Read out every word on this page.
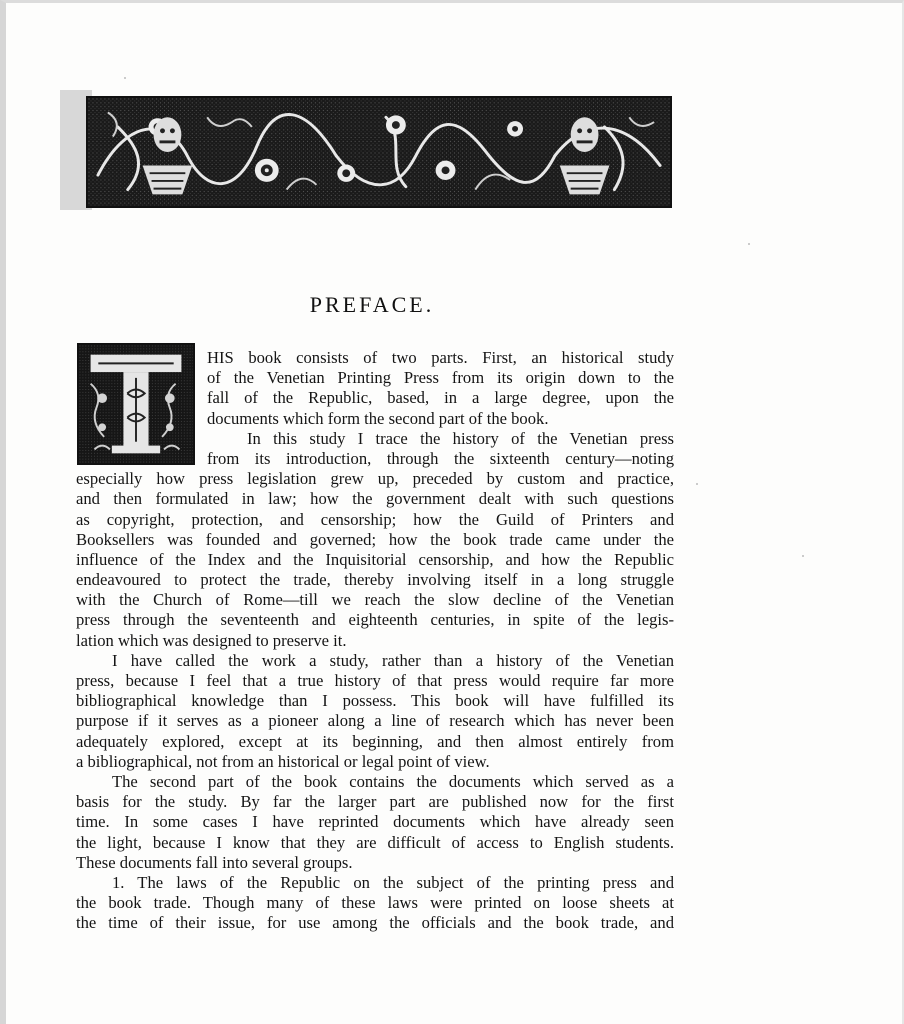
PREFACE.
HIS book consists of two parts. First, an historical study
of the Venetian Printing Press from its origin down to the
fall of the Republic, based, in a large degree, upon the
documents which form the second part of the book.
In this study I trace the history of the Venetian press
from its introduction, through the sixteenth century—noting
especially how press legislation grew up, preceded by custom and practice,
and then formulated in law; how the government dealt with such questions
as copyright, protection, and censorship; how the Guild of Printers and
Booksellers was founded and governed; how the book trade came under the
influence of the Index and the Inquisitorial censorship, and how the Republic
endeavoured to protect the trade, thereby involving itself in a long struggle
with the Church of Rome—till we reach the slow decline of the Venetian
press through the seventeenth and eighteenth centuries, in spite of the legis-
lation which was designed to preserve it.
I have called the work a study, rather than a history of the Venetian
press, because I feel that a true history of that press would require far more
bibliographical knowledge than I possess. This book will have fulfilled its
purpose if it serves as a pioneer along a line of research which has never been
adequately explored, except at its beginning, and then almost entirely from
a bibliographical, not from an historical or legal point of view.
The second part of the book contains the documents which served as a
basis for the study. By far the larger part are published now for the first
time. In some cases I have reprinted documents which have already seen
the light, because I know that they are difficult of access to English students.
These documents fall into several groups.
1. The laws of the Republic on the subject of the printing press and
the book trade. Though many of these laws were printed on loose sheets at
the time of their issue, for use among the officials and the book trade, and
